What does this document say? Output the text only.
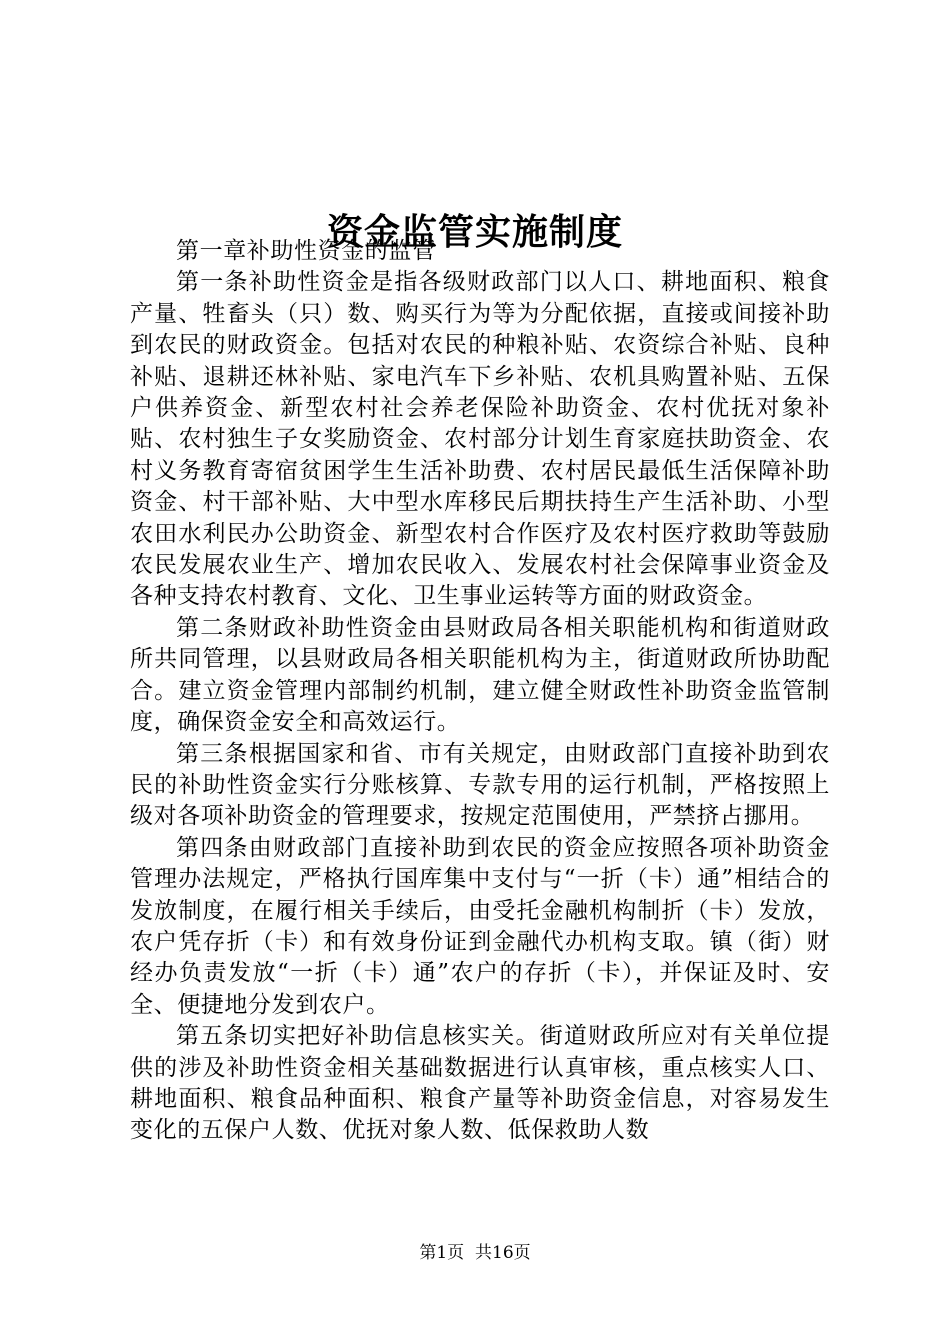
资金监管实施制度

第一章补助性资金的监管

第一条补助性资金是指各级财政部门以人口、耕地面积、粮食产量、牲畜头（只）数、购买行为等为分配依据，直接或间接补助到农民的财政资金。包括对农民的种粮补贴、农资综合补贴、良种补贴、退耕还林补贴、家电汽车下乡补贴、农机具购置补贴、五保户供养资金、新型农村社会养老保险补助资金、农村优抚对象补贴、农村独生子女奖励资金、农村部分计划生育家庭扶助资金、农村义务教育寄宿贫困学生生活补助费、农村居民最低生活保障补助资金、村干部补贴、大中型水库移民后期扶持生产生活补助、小型农田水利民办公助资金、新型农村合作医疗及农村医疗救助等鼓励农民发展农业生产、增加农民收入、发展农村社会保障事业资金及各种支持农村教育、文化、卫生事业运转等方面的财政资金。

第二条财政补助性资金由县财政局各相关职能机构和街道财政所共同管理，以县财政局各相关职能机构为主，街道财政所协助配合。建立资金管理内部制约机制，建立健全财政性补助资金监管制度，确保资金安全和高效运行。

第三条根据国家和省、市有关规定，由财政部门直接补助到农民的补助性资金实行分账核算、专款专用的运行机制，严格按照上级对各项补助资金的管理要求，按规定范围使用，严禁挤占挪用。

第四条由财政部门直接补助到农民的资金应按照各项补助资金管理办法规定，严格执行国库集中支付与“一折（卡）通”相结合的发放制度，在履行相关手续后，由受托金融机构制折（卡）发放，农户凭存折（卡）和有效身份证到金融代办机构支取。镇（街）财经办负责发放“一折（卡）通”农户的存折（卡），并保证及时、安全、便捷地分发到农户。

第五条切实把好补助信息核实关。街道财政所应对有关单位提供的涉及补助性资金相关基础数据进行认真审核，重点核实人口、耕地面积、粮食品种面积、粮食产量等补助资金信息，对容易发生变化的五保户人数、优抚对象人数、低保救助人数

第1页 共16页
